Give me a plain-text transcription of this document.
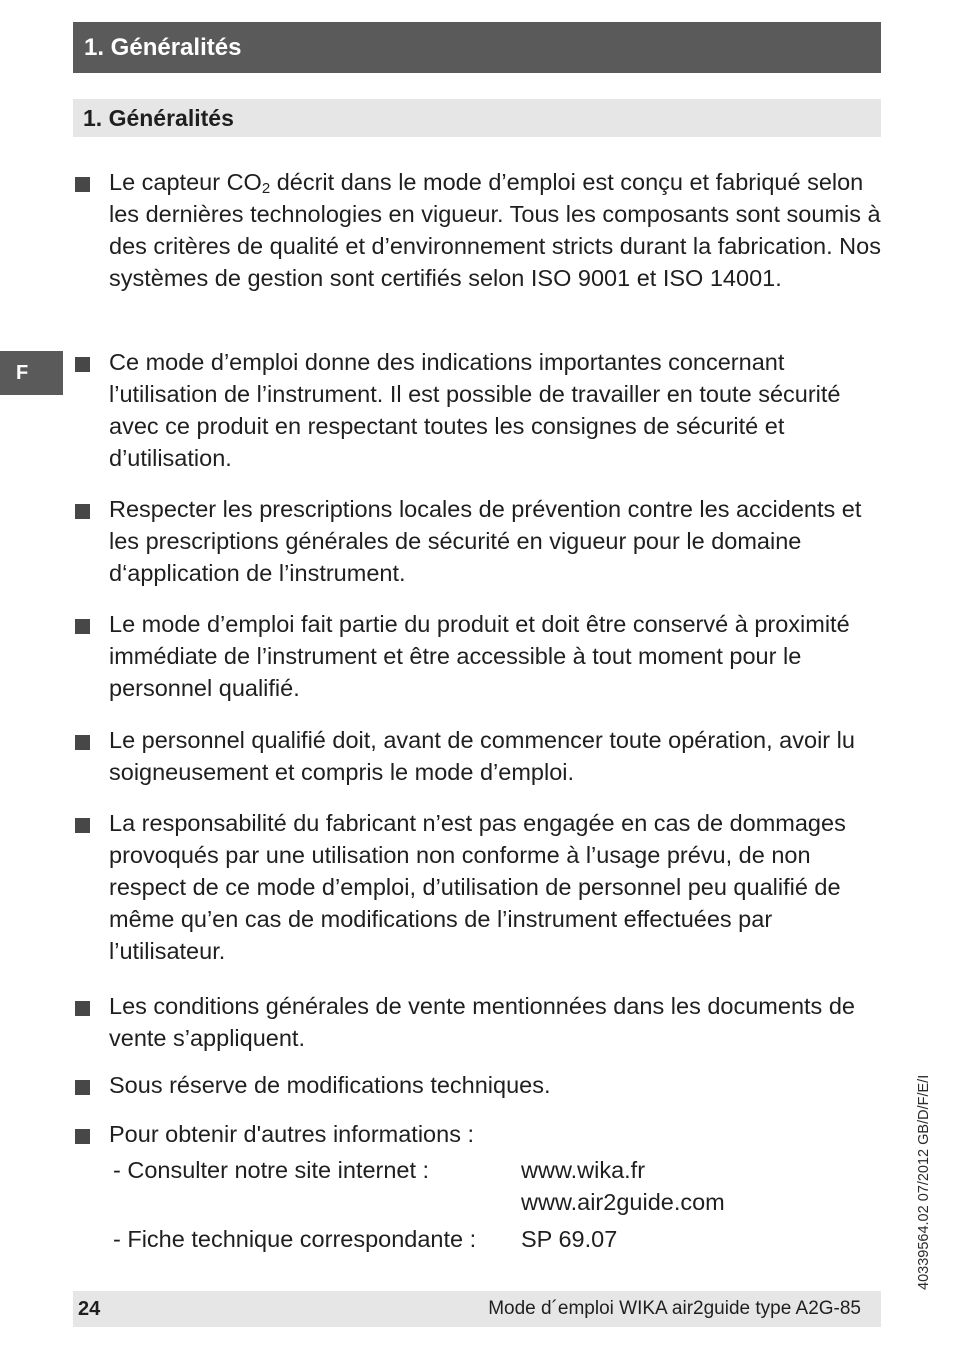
1. Généralités
1. Généralités
F
Le capteur $CO_2$ décrit dans le mode d’emploi est conçu et fabriqué selon les dernières technologies en vigueur. Tous les composants sont soumis à des critères de qualité et d’environnement stricts durant la fabrication. Nos systèmes de gestion sont certifiés selon ISO 9001 et ISO 14001.
Ce mode d’emploi donne des indications importantes concernant l’utilisation de l’instrument. Il est possible de travailler en toute sécurité avec ce produit en respectant toutes les consignes de sécurité et d’utilisation.
Respecter les prescriptions locales de prévention contre les accidents et les prescriptions générales de sécurité en vigueur pour le domaine d‘application de l’instrument.
Le mode d’emploi fait partie du produit et doit être conservé à proximité immédiate de l’instrument et être accessible à tout moment pour le personnel qualifié.
Le personnel qualifié doit, avant de commencer toute opération, avoir lu soigneusement et compris le mode d’emploi.
La responsabilité du fabricant n’est pas engagée en cas de dommages provoqués par une utilisation non conforme à l’usage prévu, de non respect de ce mode d’emploi, d’utilisation de personnel peu qualifié de même qu’en cas de modifications de l’instrument effectuées par l’utilisateur.
Les conditions générales de vente mentionnées dans les documents de vente s’appliquent.
Sous réserve de modifications techniques.
Pour obtenir d'autres informations :
- Consulter notre site internet :	www.wika.fr
www.air2guide.com
- Fiche technique correspondante : SP 69.07	40339564.02 07/2012 GB/D/F/E/I
24	Mode d´emploi WIKA air2guide type A2G-85
